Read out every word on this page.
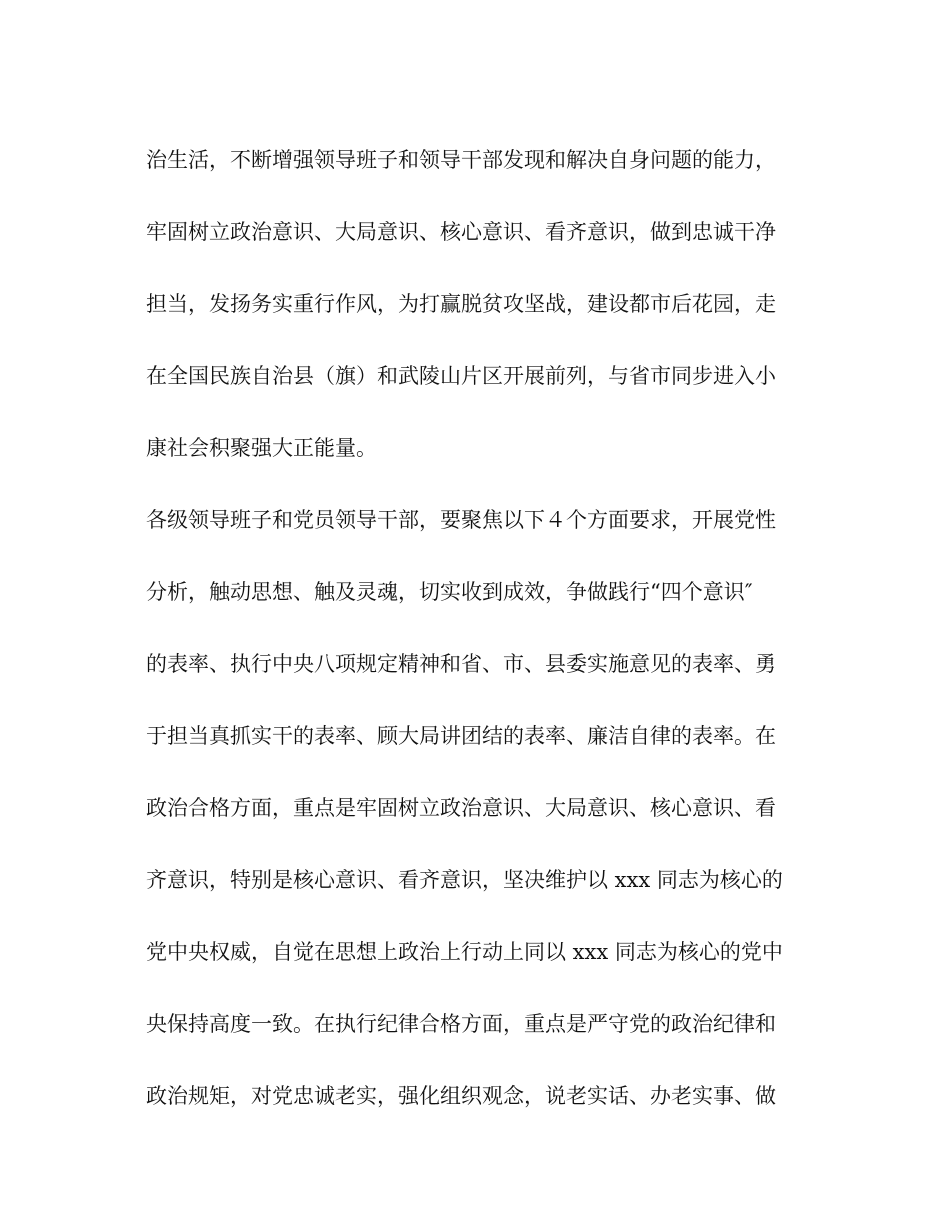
治生活，不断增强领导班子和领导干部发现和解决自身问题的能力，
牢固树立政治意识、大局意识、核心意识、看齐意识，做到忠诚干净
担当，发扬务实重行作风，为打赢脱贫攻坚战，建设都市后花园，走
在全国民族自治县（旗）和武陵山片区开展前列，与省市同步进入小
康社会积聚强大正能量。
各级领导班子和党员领导干部，要聚焦以下４个方面要求，开展党性
分析，触动思想、触及灵魂，切实收到成效，争做践行“四个意识″
的表率、执行中央八项规定精神和省、市、县委实施意见的表率、勇
于担当真抓实干的表率、顾大局讲团结的表率、廉洁自律的表率。在
政治合格方面，重点是牢固树立政治意识、大局意识、核心意识、看
齐意识，特别是核心意识、看齐意识，坚决维护以 xxx 同志为核心的
党中央权威，自觉在思想上政治上行动上同以 xxx 同志为核心的党中
央保持高度一致。在执行纪律合格方面，重点是严守党的政治纪律和
政治规矩，对党忠诚老实，强化组织观念，说老实话、办老实事、做
